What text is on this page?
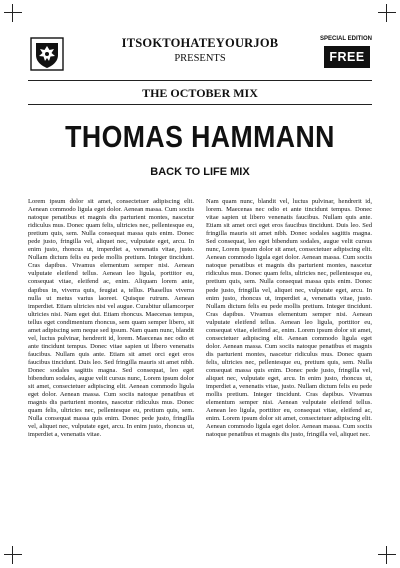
ITSOKTOHATEYOURJOB
PRESENTS
SPECIAL EDITION
FREE
THE OCTOBER MIX
THOMAS HAMMANN
BACK TO LIFE MIX
Lorem ipsum dolor sit amet, consectetuer adipiscing elit. Aenean commodo ligula eget dolor. Aenean massa. Cum sociis natoque penatibus et magnis dis parturient montes, nascetur ridiculus mus. Donec quam felis, ultricies nec, pellentesque eu, pretium quis, sem. Nulla consequat massa quis enim. Donec pede justo, fringilla vel, aliquet nec, vulputate eget, arcu. In enim justo, rhoncus ut, imperdiet a, venenatis vitae, justo. Nullam dictum felis eu pede mollis pretium. Integer tincidunt. Cras dapibus. Vivamus elementum semper nisi. Aenean vulputate eleifend tellus. Aenean leo ligula, porttitor eu, consequat vitae, eleifend ac, enim. Aliquam lorem ante, dapibus in, viverra quis, feugiat a, tellus. Phasellus viverra nulla ut metus varius laoreet. Quisque rutrum. Aenean imperdiet. Etiam ultricies nisi vel augue. Curabitur ullamcorper ultricies nisi. Nam eget dui. Etiam rhoncus. Maecenas tempus, tellus eget condimentum rhoncus, sem quam semper libero, sit amet adipiscing sem neque sed ipsum. Nam quam nunc, blandit vel, luctus pulvinar, hendrerit id, lorem. Maecenas nec odio et ante tincidunt tempus. Donec vitae sapien ut libero venenatis faucibus. Nullam quis ante. Etiam sit amet orci eget eros faucibus tincidunt. Duis leo. Sed fringilla mauris sit amet nibh. Donec sodales sagittis magna. Sed consequat, leo eget bibendum sodales, augue velit cursus nunc, Lorem ipsum dolor sit amet, consectetuer adipiscing elit. Aenean commodo ligula eget dolor. Aenean massa. Cum sociis natoque penatibus et magnis dis parturient montes, nascetur ridiculus mus. Donec quam felis, ultricies nec, pellentesque eu, pretium quis, sem. Nulla consequat massa quis enim. Donec pede justo, fringilla vel, aliquet nec, vulputate eget, arcu. In enim justo, rhoncus ut, imperdiet a, venenatis vitae.
Nam quam nunc, blandit vel, luctus pulvinar, hendrerit id, lorem. Maecenas nec odio et ante tincidunt tempus. Donec vitae sapien ut libero venenatis faucibus. Nullam quis ante. Etiam sit amet orci eget eros faucibus tincidunt. Duis leo. Sed fringilla mauris sit amet nibh. Donec sodales sagittis magna. Sed consequat, leo eget bibendum sodales, augue velit cursus nunc, Lorem ipsum dolor sit amet, consectetuer adipiscing elit. Aenean commodo ligula eget dolor. Aenean massa. Cum sociis natoque penatibus et magnis dis parturient montes, nascetur ridiculus mus. Donec quam felis, ultricies nec, pellentesque eu, pretium quis, sem. Nulla consequat massa quis enim. Donec pede justo, fringilla vel, aliquet nec, vulputate eget, arcu. In enim justo, rhoncus ut, imperdiet a, venenatis vitae, justo. Nullam dictum felis eu pede mollis pretium. Integer tincidunt. Cras dapibus. Vivamus elementum semper nisi. Aenean vulputate eleifend tellus. Aenean leo ligula, porttitor eu, consequat vitae, eleifend ac, enim. Lorem ipsum dolor sit amet, consectetuer adipiscing elit. Aenean commodo ligula eget dolor. Aenean massa. Cum sociis natoque penatibus et magnis dis parturient montes, nascetur ridiculus mus. Donec quam felis, ultricies nec, pellentesque eu, pretium quis, sem. Nulla consequat massa quis enim. Donec pede justo, fringilla vel, aliquet nec, vulputate eget, arcu. In enim justo, rhoncus ut, imperdiet a, venenatis vitae, justo. Nullam dictum felis eu pede mollis pretium. Integer tincidunt. Cras dapibus. Vivamus elementum semper nisi. Aenean vulputate eleifend tellus. Aenean leo ligula, porttitor eu, consequat vitae, eleifend ac, enim. Lorem ipsum dolor sit amet, consectetuer adipiscing elit. Aenean commodo ligula eget dolor. Aenean massa. Cum sociis natoque penatibus et magnis dis justo, fringilla vel, aliquet nec.
